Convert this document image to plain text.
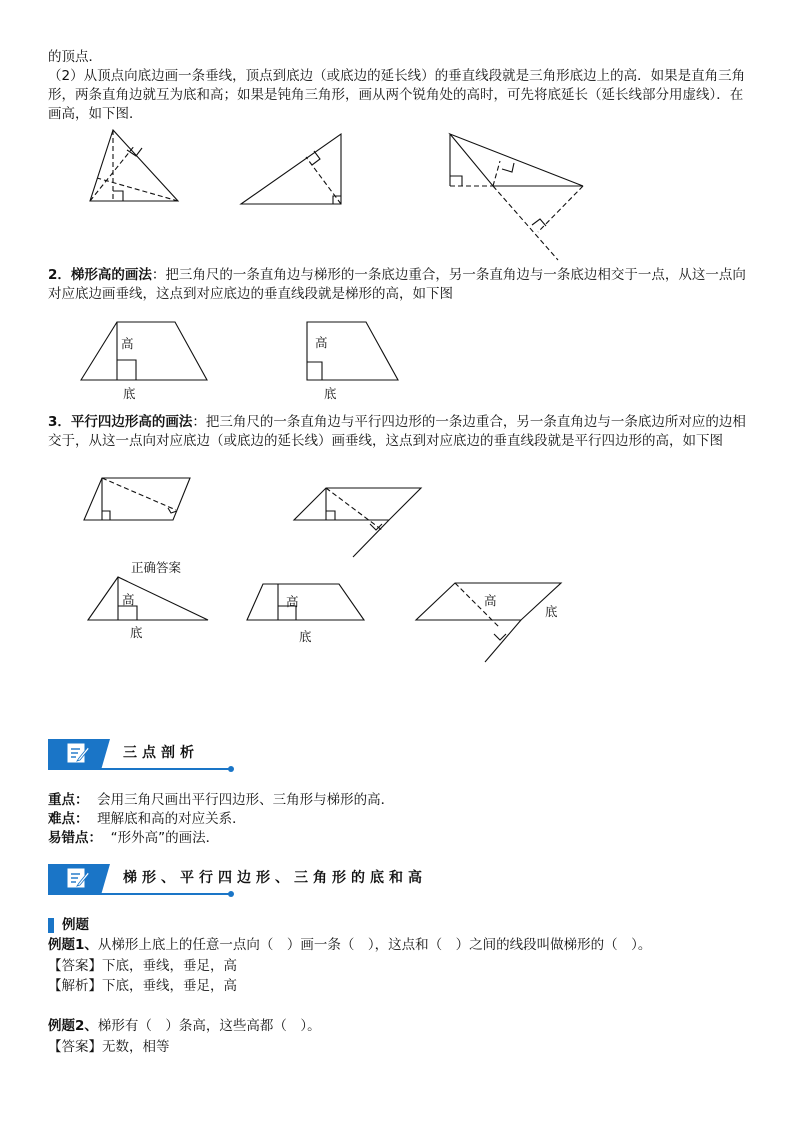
的顶点．

（2）从顶点向底边画一条垂线，顶点到底边（或底边的延长线）的垂直线段就是三角形底边上的高．如果是直角三角形，两条直角边就互为底和高；如果是钝角三角形，画从两个锐角处的高时，可先将底延长（延长线部分用虚线）．在画高，如下图．

2．梯形高的画法：把三角尺的一条直角边与梯形的一条底边重合，另一条直角边与一条底边相交于一点，从这一点向对应底边画垂线，这点到对应底边的垂直线段就是梯形的高，如下图

高
底
高
底

3．平行四边形高的画法：把三角尺的一条直角边与平行四边形的一条边重合，另一条直角边与一条底边所对应的边相交于，从这一点向对应底边（或底边的延长线）画垂线，这点到对应底边的垂直线段就是平行四边形的高，如下图

正确答案
高
底
高
底
高
底
三点剖析

重点： 会用三角尺画出平行四边形、三角形与梯形的高．

难点： 理解底和高的对应关系．

易错点： “形外高”的画法．

梯形、平行四边形、三角形的底和高

例题

例题1、从梯形上底上的任意一点向（　）画一条（　），这点和（　）之间的线段叫做梯形的（　）。

【答案】下底，垂线，垂足，高

【解析】下底，垂线，垂足，高

例题2、梯形有（　）条高，这些高都（　）。

【答案】无数，相等
